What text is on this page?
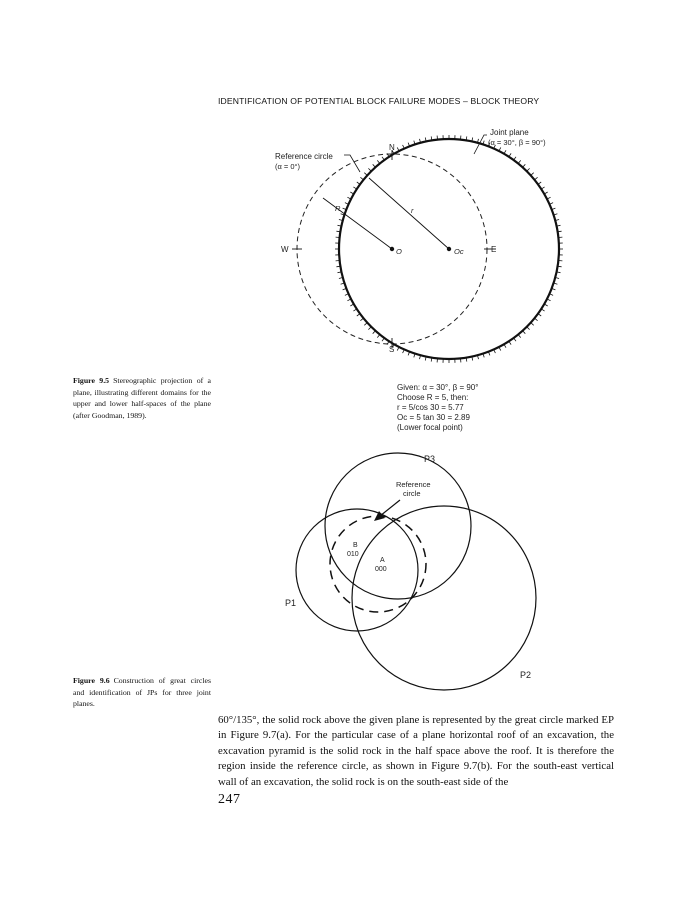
IDENTIFICATION OF POTENTIAL BLOCK FAILURE MODES – BLOCK THEORY
N
S
W	E
Joint plane
(α = 30°, β = 90°)
Reference circle
(α = 0°)
R	r
O	Oc
Given: α = 30°, β = 90°
Choose R = 5, then:
r = 5/cos 30 = 5.77
Oc = 5 tan 30 = 2.89
(Lower focal point)
P3
P1
P2
Reference
circle
B
010
A
000
Figure 9.5 Stereographic projection of a plane, illustrating different domains for the upper and lower half-spaces of the plane (after Goodman, 1989).
Figure 9.6 Construction of great circles and identification of JPs for three joint planes.

60°/135°, the solid rock above the given plane is represented by the great circle marked EP in Figure 9.7(a). For the particular case of a plane horizontal roof of an excavation, the excavation pyramid is the solid rock in the half space above the roof. It is therefore the region inside the reference circle, as shown in Figure 9.7(b). For the south-east vertical wall of an excavation, the solid rock is on the south-east side of the

247
